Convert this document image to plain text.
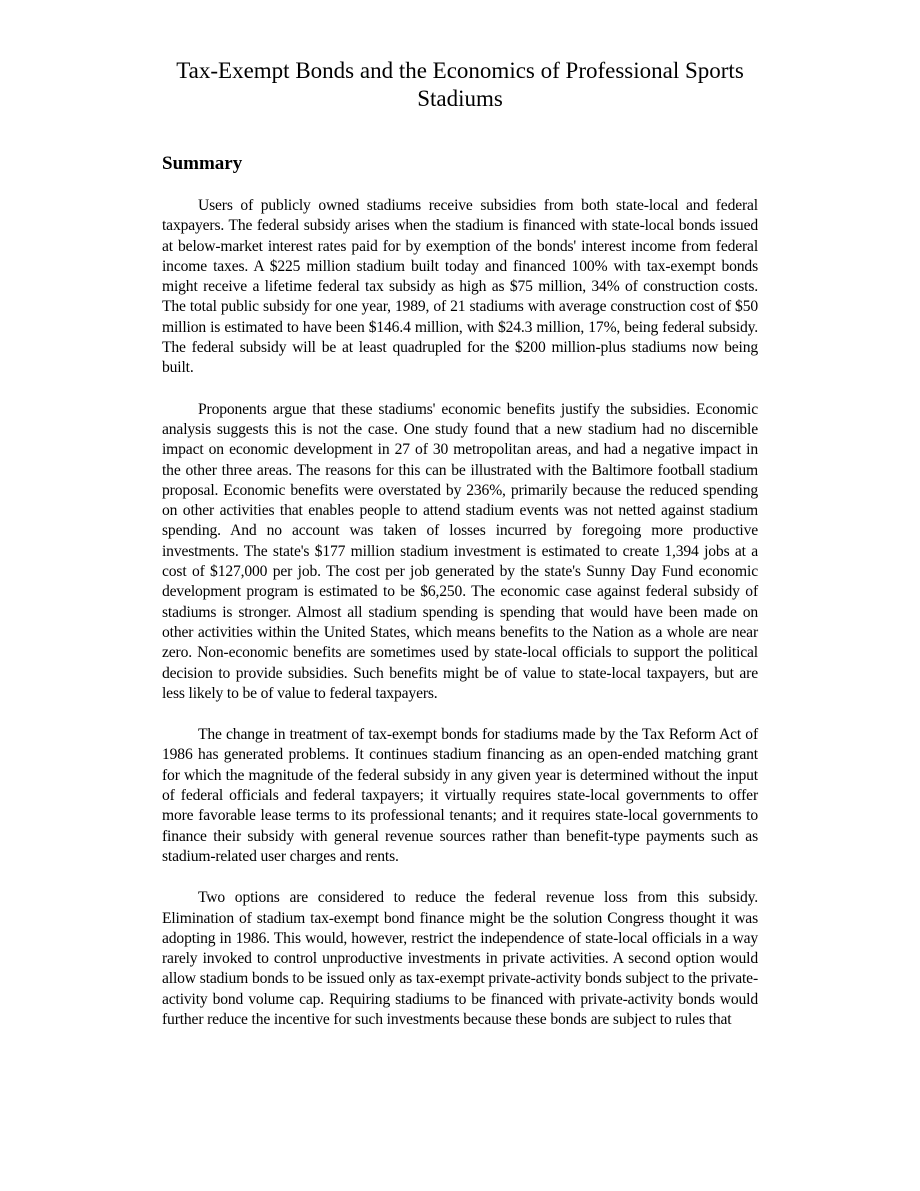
Tax-Exempt Bonds and the Economics of Professional Sports Stadiums
Summary

Users of publicly owned stadiums receive subsidies from both state-local and federal taxpayers. The federal subsidy arises when the stadium is financed with state-local bonds issued at below-market interest rates paid for by exemption of the bonds' interest income from federal income taxes. A $225 million stadium built today and financed 100% with tax-exempt bonds might receive a lifetime federal tax subsidy as high as $75 million, 34% of construction costs. The total public subsidy for one year, 1989, of 21 stadiums with average construction cost of $50 million is estimated to have been $146.4 million, with $24.3 million, 17%, being federal subsidy. The federal subsidy will be at least quadrupled for the $200 million-plus stadiums now being built.

Proponents argue that these stadiums' economic benefits justify the subsidies. Economic analysis suggests this is not the case. One study found that a new stadium had no discernible impact on economic development in 27 of 30 metropolitan areas, and had a negative impact in the other three areas. The reasons for this can be illustrated with the Baltimore football stadium proposal. Economic benefits were overstated by 236%, primarily because the reduced spending on other activities that enables people to attend stadium events was not netted against stadium spending. And no account was taken of losses incurred by foregoing more productive investments. The state's $177 million stadium investment is estimated to create 1,394 jobs at a cost of $127,000 per job. The cost per job generated by the state's Sunny Day Fund economic development program is estimated to be $6,250. The economic case against federal subsidy of stadiums is stronger. Almost all stadium spending is spending that would have been made on other activities within the United States, which means benefits to the Nation as a whole are near zero. Non-economic benefits are sometimes used by state-local officials to support the political decision to provide subsidies. Such benefits might be of value to state-local taxpayers, but are less likely to be of value to federal taxpayers.

The change in treatment of tax-exempt bonds for stadiums made by the Tax Reform Act of 1986 has generated problems. It continues stadium financing as an open-ended matching grant for which the magnitude of the federal subsidy in any given year is determined without the input of federal officials and federal taxpayers; it virtually requires state-local governments to offer more favorable lease terms to its professional tenants; and it requires state-local governments to finance their subsidy with general revenue sources rather than benefit-type payments such as stadium-related user charges and rents.

Two options are considered to reduce the federal revenue loss from this subsidy. Elimination of stadium tax-exempt bond finance might be the solution Congress thought it was adopting in 1986. This would, however, restrict the independence of state-local officials in a way rarely invoked to control unproductive investments in private activities. A second option would allow stadium bonds to be issued only as tax-exempt private-activity bonds subject to the private-activity bond volume cap. Requiring stadiums to be financed with private-activity bonds would further reduce the incentive for such investments because these bonds are subject to rules that
